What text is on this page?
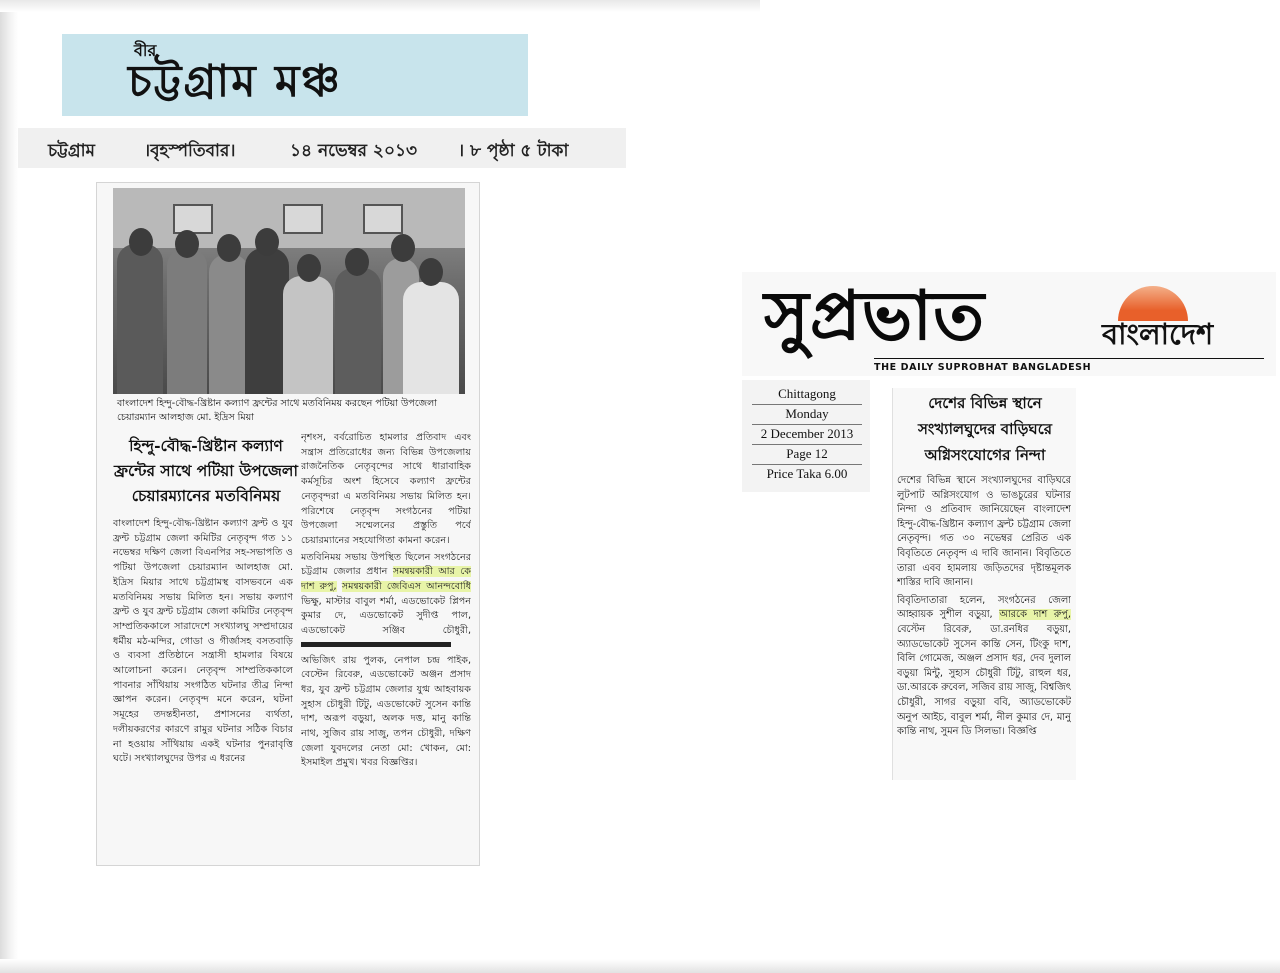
বীর
চট্টগ্রাম মঞ্চ
চট্টগ্রাম	।বৃহস্পতিবার।	১৪ নভেম্বর ২০১৩ । ৮ পৃষ্ঠা ৫ টাকা
বাংলাদেশ হিন্দু-বৌদ্ধ-খ্রিষ্টান কল্যাণ ফ্রন্টের সাথে মতবিনিময় করছেন পটিয়া উপজেলা চেয়ারম্যান আলহাজ মো. ইদ্রিস মিয়া
হিন্দু-বৌদ্ধ-খ্রিষ্টান কল্যাণ ফ্রন্টের সাথে পটিয়া উপজেলা চেয়ারম্যানের মতবিনিময়

বাংলাদেশ হিন্দু-বৌদ্ধ-খ্রিষ্টান কল্যাণ ফ্রন্ট ও যুব ফ্রন্ট চট্টগ্রাম জেলা কমিটির নেতৃবৃন্দ গত ১১ নভেম্বর দক্ষিণ জেলা বিএনপির সহ-সভাপতি ও পটিয়া উপজেলা চেয়ারম্যান আলহাজ মো. ইদ্রিস মিয়ার সাথে চট্টগ্রামস্থ বাসভবনে এক মতবিনিময় সভায় মিলিত হন। সভায় কল্যাণ ফ্রন্ট ও যুব ফ্রন্ট চট্টগ্রাম জেলা কমিটির নেতৃবৃন্দ সাম্প্রতিককালে সারাদেশে সংখ্যালঘু সম্প্রদায়ের ধর্মীয় মঠ-মন্দির, গোডা ও গীর্জাসহ বসতবাড়ি ও ব্যবসা প্রতিষ্ঠানে সন্ত্রাসী হামলার বিষয়ে আলোচনা করেন। নেতৃবৃন্দ সাম্প্রতিককালে পাবনার সাঁথিয়ায় সংগঠিত ঘটনার তীব্র নিন্দা জ্ঞাপন করেন। নেতৃবৃন্দ মনে করেন, ঘটনা সমূহের তদন্তহীনতা, প্রশাসনের ব্যর্থতা, দলীয়করণের কারণে রামুর ঘটনার সঠিক বিচার না হওয়ায় সাঁথিয়ায় একই ঘটনার পুনরাবৃত্তি ঘটে। সংখ্যালঘুদের উপর এ ধরনের

নৃশংস, বর্বরোচিত হামলার প্রতিবাদ এবং সন্ত্রাস প্রতিরোধের জন্য বিভিন্ন উপজেলায় রাজনৈতিক নেতৃবৃন্দের সাথে ধারাবাহিক কর্মসূচির অংশ হিসেবে কল্যাণ ফ্রন্টের নেতৃবৃন্দরা এ মতবিনিময় সভায় মিলিত হন। পরিশেষে নেতৃবৃন্দ সংগঠনের পটিয়া উপজেলা সম্মেলনের প্রস্তুতি পর্বে চেয়ারম্যানের সহযোগিতা কামনা করেন।

মতবিনিময় সভায় উপস্থিত ছিলেন সংগঠনের চট্টগ্রাম জেলার প্রধান সমন্বয়কারী আর কে দাশ রুপু, সমন্বয়কারী জেবিএস আনন্দবোধি ভিক্ষু, মাস্টার বাবুল শর্মা, এডভোকেট প্লিপন কুমার দে, এডভোকেট সুদীপ্ত পাল, এডভোকেট সঞ্জিব চৌধুরী,  অভিজিৎ রায় পুলক, নেপাল চন্দ্র পাইক, বেস্টেন রিবেরু, এডভোকেট অঞ্জন প্রসাদ ধর, যুব ফ্রন্ট চট্টগ্রাম জেলার যুগ্ম আহবায়ক সুহাস চৌধুরী টিটু, এডভোকেট সুসেন কান্তি দাশ, অরূপ বড়ুয়া, অলক দত্ত, মানু কান্তি নাথ, সুজিব রায় সাজু, তপন চৌধুরী, দক্ষিণ জেলা যুবদলের নেতা মো: খোকন, মো: ইসমাইল প্রমুখ। খবর বিজ্ঞপ্তির।

সুপ্রভাত	বাংলাদেশ
THE DAILY SUPROBHAT BANGLADESH
Chittagong
Monday
2 December 2013
Page 12
Price Taka 6.00
দেশের বিভিন্ন স্থানে সংখ্যালঘুদের বাড়িঘরে অগ্নিসংযোগের নিন্দা

দেশের বিভিন্ন স্থানে সংখ্যালঘুদের বাড়িঘরে লুটপাট অগ্নিসংযোগ ও ভাঙচুরের ঘটনার নিন্দা ও প্রতিবাদ জানিয়েছেন বাংলাদেশ হিন্দু-বৌদ্ধ-খ্রিষ্টান কল্যাণ ফ্রন্ট চট্টগ্রাম জেলা নেতৃবৃন্দ। গত ৩০ নভেম্বর প্রেরিত এক বিবৃতিতে নেতৃবৃন্দ এ দাবি জানান। বিবৃতিতে তারা এবব হামলায় জড়িতদের দৃষ্টান্তমূলক শাস্তির দাবি জানান।

বিবৃতিদাতারা হলেন, সংগঠনের জেলা আহ্বায়ক সুশীল বড়ুয়া, আরকে দাশ রুপু, বেস্টেন রিবেরু, ডা.রনধির বড়ুয়া, অ্যাডভোকেট সুসেন কান্তি সেন, টিংকু দাশ, বিলি গোমেজ, অঞ্জল প্রসাদ ধর, দেব দুলাল বড়ুয়া মিন্টু, সুহাস চৌধুরী টিটু, রাহুল ধর, ডা.আরকে রুবেল, সজিব রায় সাজু, বিশ্বজিৎ চৌধুরী, সাগর বড়ুয়া ববি, অ্যাডভোকেট অনুপ আইচ, বাবুল শর্মা, নীল কুমার দে, মানু কান্তি নাথ, সুমন ডি সিলভা। বিজ্ঞপ্তি
